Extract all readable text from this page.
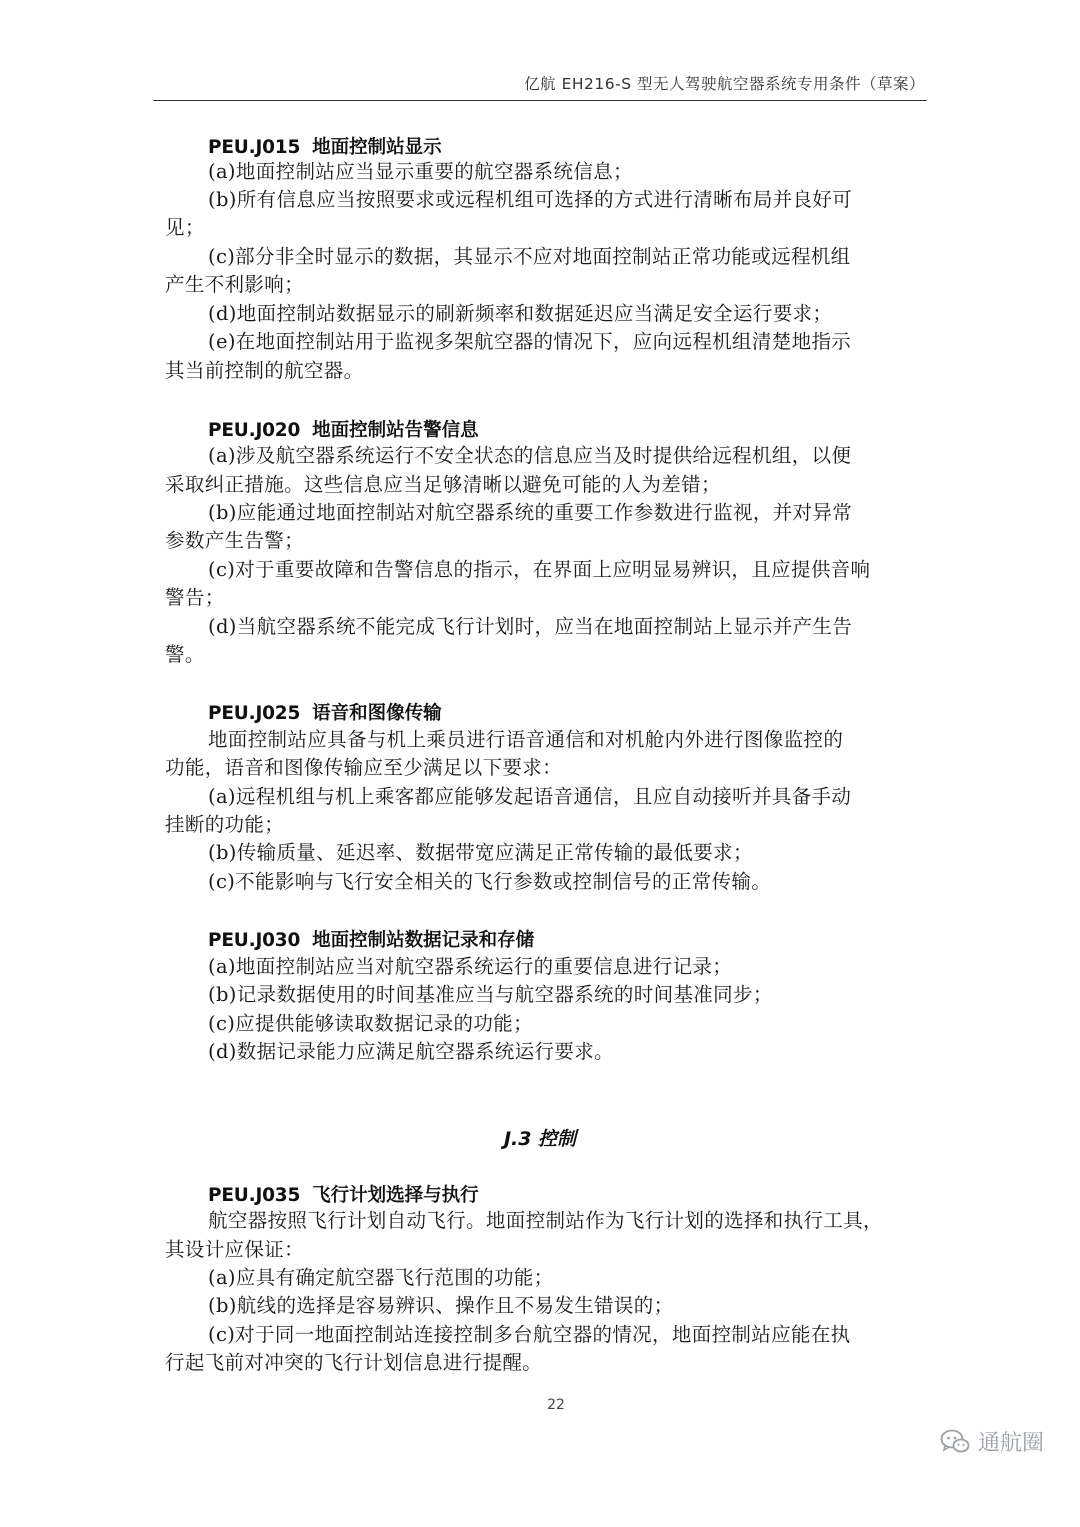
亿航 EH216-S 型无人驾驶航空器系统专用条件（草案）
PEU.J015 地面控制站显示
(a)地面控制站应当显示重要的航空器系统信息；
(b)所有信息应当按照要求或远程机组可选择的方式进行清晰布局并良好可
见；
(c)部分非全时显示的数据，其显示不应对地面控制站正常功能或远程机组
产生不利影响；
(d)地面控制站数据显示的刷新频率和数据延迟应当满足安全运行要求；
(e)在地面控制站用于监视多架航空器的情况下，应向远程机组清楚地指示
其当前控制的航空器。
PEU.J020 地面控制站告警信息
(a)涉及航空器系统运行不安全状态的信息应当及时提供给远程机组，以便
采取纠正措施。这些信息应当足够清晰以避免可能的人为差错；
(b)应能通过地面控制站对航空器系统的重要工作参数进行监视，并对异常
参数产生告警；
(c)对于重要故障和告警信息的指示，在界面上应明显易辨识，且应提供音响
警告；
(d)当航空器系统不能完成飞行计划时，应当在地面控制站上显示并产生告
警。
PEU.J025 语音和图像传输
地面控制站应具备与机上乘员进行语音通信和对机舱内外进行图像监控的
功能，语音和图像传输应至少满足以下要求：
(a)远程机组与机上乘客都应能够发起语音通信，且应自动接听并具备手动
挂断的功能；
(b)传输质量、延迟率、数据带宽应满足正常传输的最低要求；
(c)不能影响与飞行安全相关的飞行参数或控制信号的正常传输。
PEU.J030 地面控制站数据记录和存储
(a)地面控制站应当对航空器系统运行的重要信息进行记录；
(b)记录数据使用的时间基准应当与航空器系统的时间基准同步；
(c)应提供能够读取数据记录的功能；
(d)数据记录能力应满足航空器系统运行要求。
J.3 控制
PEU.J035 飞行计划选择与执行
航空器按照飞行计划自动飞行。地面控制站作为飞行计划的选择和执行工具，
其设计应保证：
(a)应具有确定航空器飞行范围的功能；
(b)航线的选择是容易辨识、操作且不易发生错误的；
(c)对于同一地面控制站连接控制多台航空器的情况，地面控制站应能在执
行起飞前对冲突的飞行计划信息进行提醒。
22
通航圈
